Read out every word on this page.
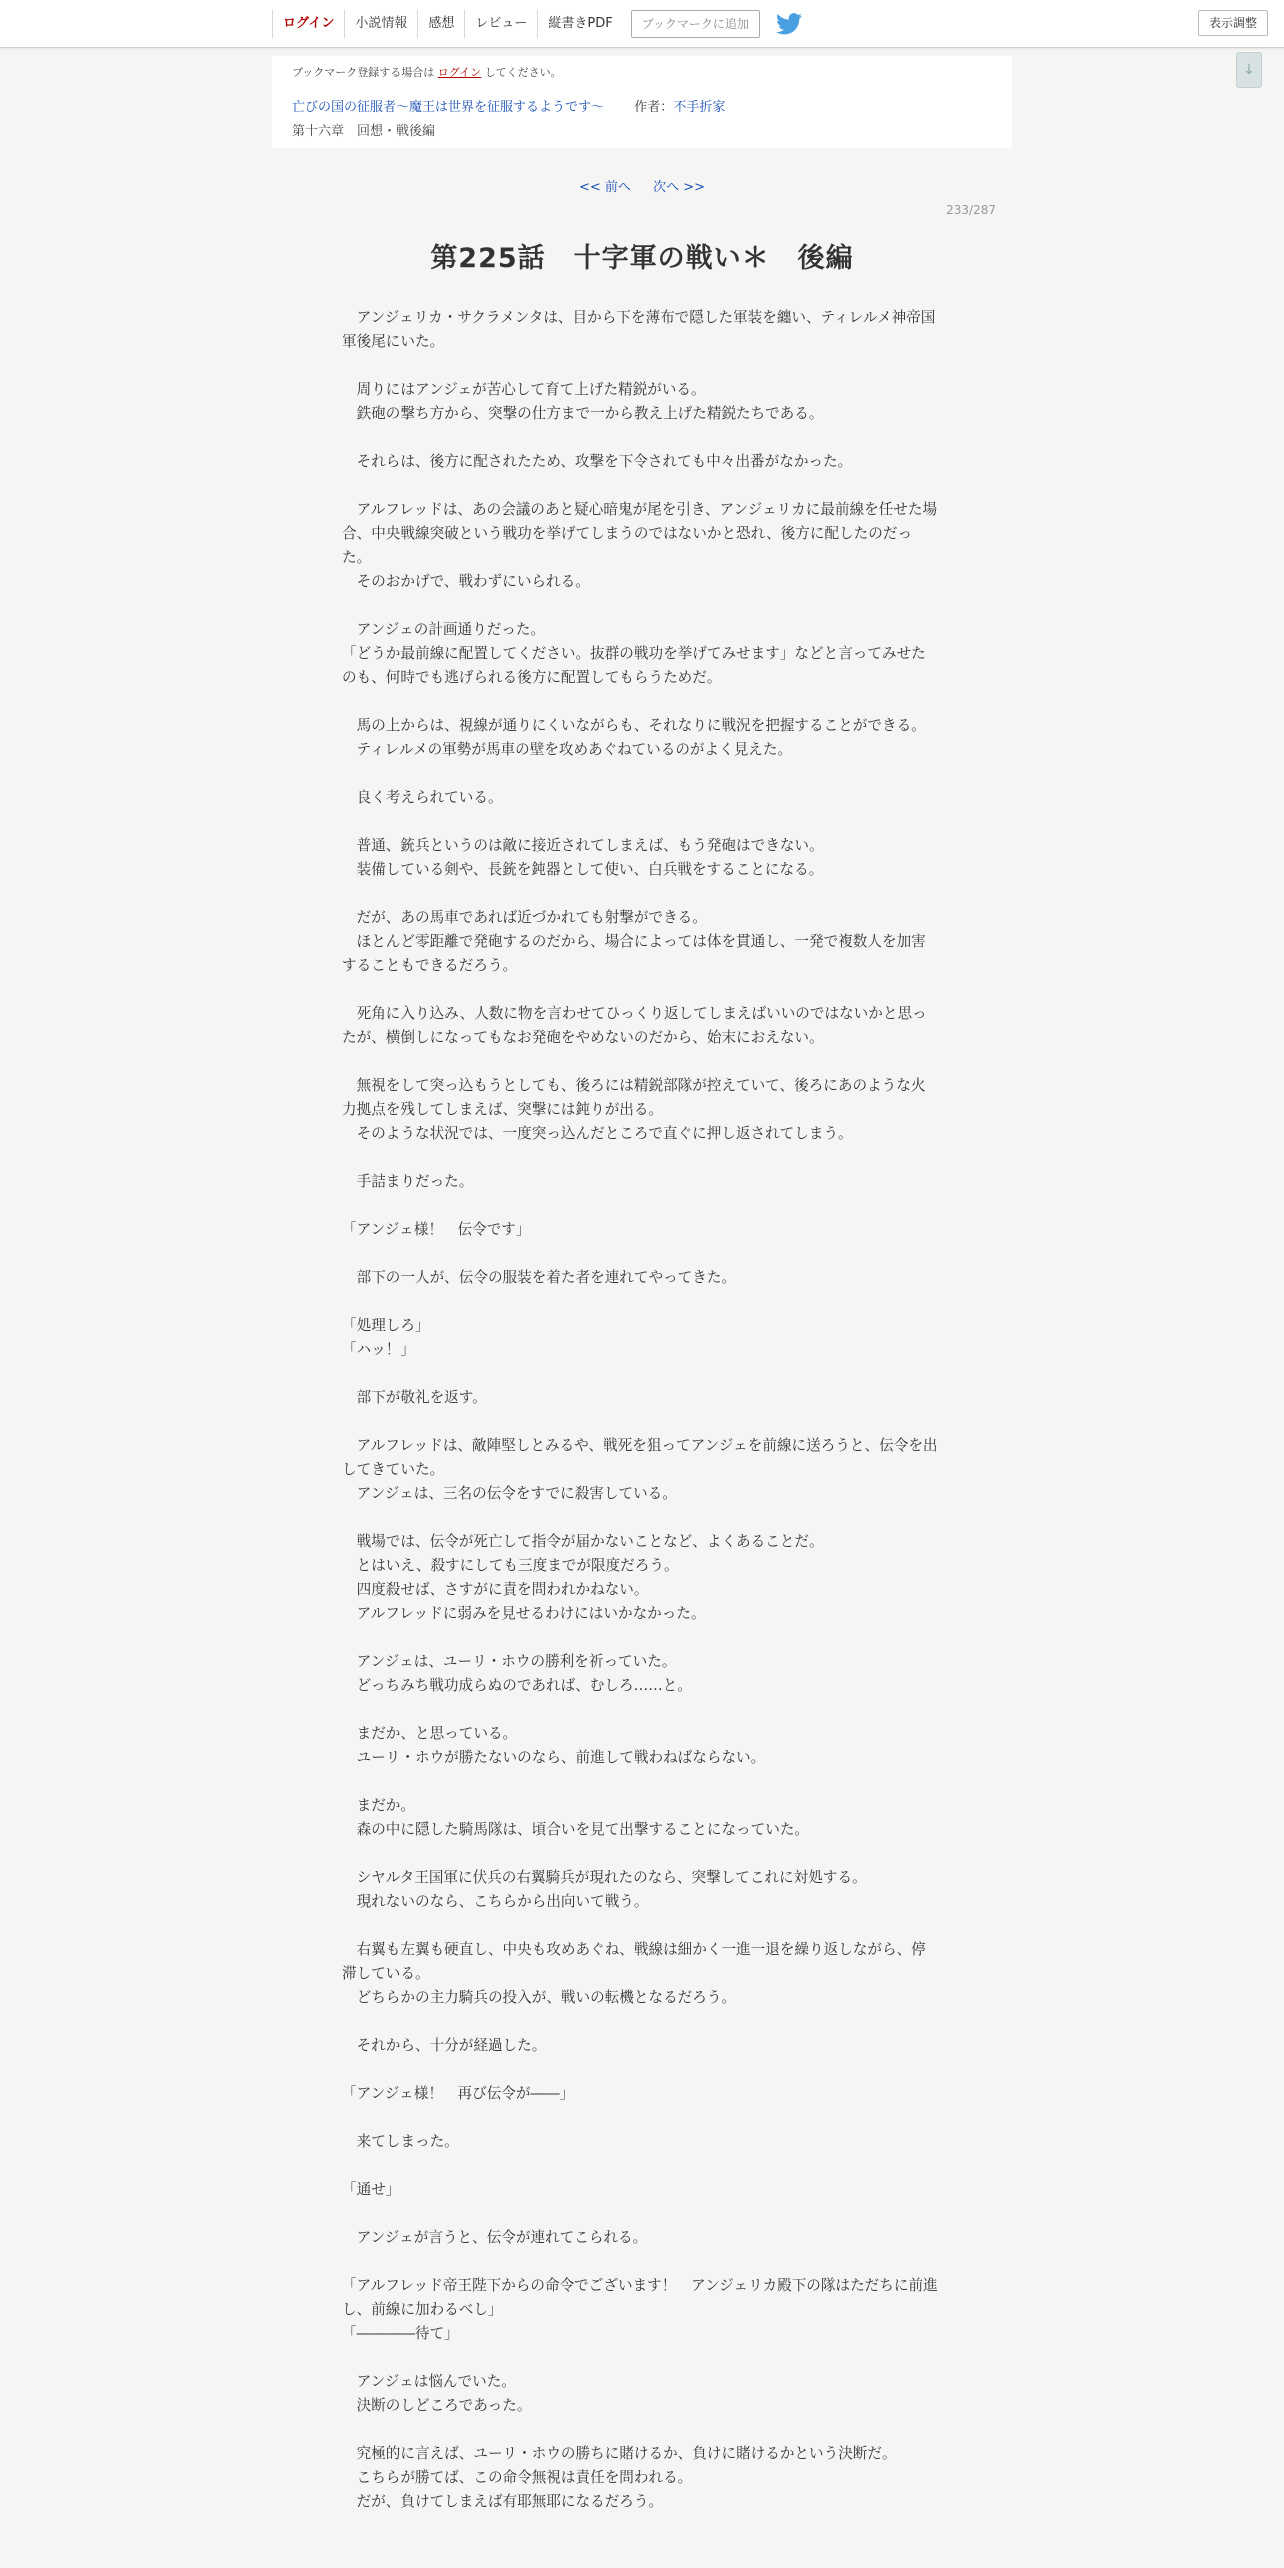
ログイン	小説情報	感想	レビュー	縦書きPDF	ブックマークに追加	表示調整
↓
ブックマーク登録する場合は ログイン してください。
亡びの国の征服者～魔王は世界を征服するようです～ 作者：不手折家
第十六章　回想・戦後編
<< 前へ 次へ >>
233/287
第225話　十字軍の戦い＊　後編

　アンジェリカ・サクラメンタは、目から下を薄布で隠した軍装を纏い、ティレルメ神帝国軍後尾にいた。

　周りにはアンジェが苦心して育て上げた精鋭がいる。

　鉄砲の撃ち方から、突撃の仕方まで一から教え上げた精鋭たちである。

　それらは、後方に配されたため、攻撃を下令されても中々出番がなかった。

　アルフレッドは、あの会議のあと疑心暗鬼が尾を引き、アンジェリカに最前線を任せた場合、中央戦線突破という戦功を挙げてしまうのではないかと恐れ、後方に配したのだった。

　そのおかげで、戦わずにいられる。

　アンジェの計画通りだった。

「どうか最前線に配置してください。抜群の戦功を挙げてみせます」などと言ってみせたのも、何時でも逃げられる後方に配置してもらうためだ。

　馬の上からは、視線が通りにくいながらも、それなりに戦況を把握することができる。

　ティレルメの軍勢が馬車の壁を攻めあぐねているのがよく見えた。

　良く考えられている。

　普通、銃兵というのは敵に接近されてしまえば、もう発砲はできない。

　装備している剣や、長銃を鈍器として使い、白兵戦をすることになる。

　だが、あの馬車であれば近づかれても射撃ができる。

　ほとんど零距離で発砲するのだから、場合によっては体を貫通し、一発で複数人を加害することもできるだろう。

　死角に入り込み、人数に物を言わせてひっくり返してしまえばいいのではないかと思ったが、横倒しになってもなお発砲をやめないのだから、始末におえない。

　無視をして突っ込もうとしても、後ろには精鋭部隊が控えていて、後ろにあのような火力拠点を残してしまえば、突撃には鈍りが出る。

　そのような状況では、一度突っ込んだところで直ぐに押し返されてしまう。

　手詰まりだった。

「アンジェ様！　伝令です」

　部下の一人が、伝令の服装を着た者を連れてやってきた。

「処理しろ」

「ハッ！」

　部下が敬礼を返す。

　アルフレッドは、敵陣堅しとみるや、戦死を狙ってアンジェを前線に送ろうと、伝令を出してきていた。

　アンジェは、三名の伝令をすでに殺害している。

　戦場では、伝令が死亡して指令が届かないことなど、よくあることだ。

　とはいえ、殺すにしても三度までが限度だろう。

　四度殺せば、さすがに責を問われかねない。

　アルフレッドに弱みを見せるわけにはいかなかった。

　アンジェは、ユーリ・ホウの勝利を祈っていた。

　どっちみち戦功成らぬのであれば、むしろ……と。

　まだか、と思っている。

　ユーリ・ホウが勝たないのなら、前進して戦わねばならない。

　まだか。

　森の中に隠した騎馬隊は、頃合いを見て出撃することになっていた。

　シヤルタ王国軍に伏兵の右翼騎兵が現れたのなら、突撃してこれに対処する。

　現れないのなら、こちらから出向いて戦う。

　右翼も左翼も硬直し、中央も攻めあぐね、戦線は細かく一進一退を繰り返しながら、停滞している。

　どちらかの主力騎兵の投入が、戦いの転機となるだろう。

　それから、十分が経過した。

「アンジェ様！　再び伝令が――」

　来てしまった。

「通せ」

　アンジェが言うと、伝令が連れてこられる。

「アルフレッド帝王陛下からの命令でございます！　アンジェリカ殿下の隊はただちに前進し、前線に加わるべし」

「――――待て」

　アンジェは悩んでいた。

　決断のしどころであった。

　究極的に言えば、ユーリ・ホウの勝ちに賭けるか、負けに賭けるかという決断だ。

　こちらが勝てば、この命令無視は責任を問われる。

　だが、負けてしまえば有耶無耶になるだろう。
